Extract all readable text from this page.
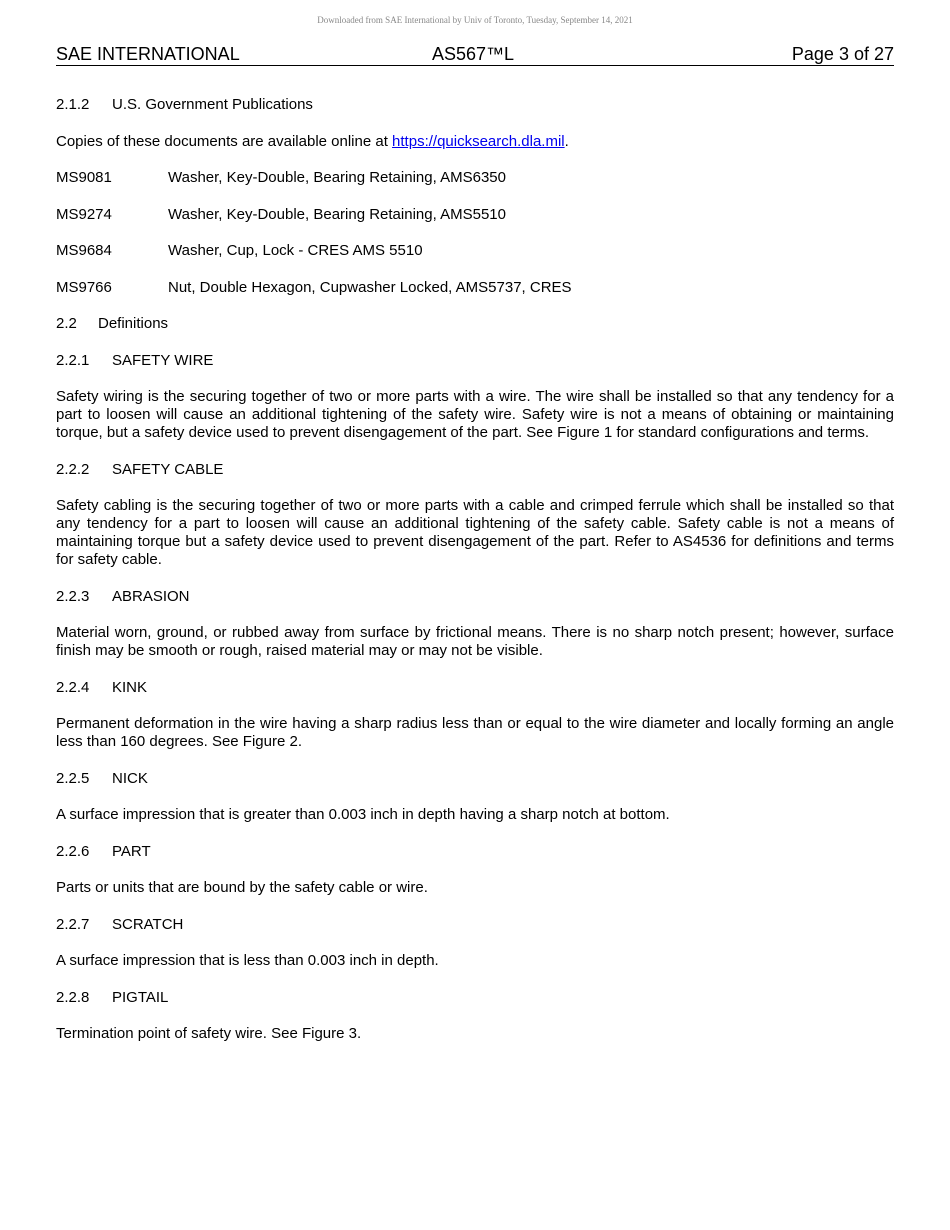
Downloaded from SAE International by Univ of Toronto, Tuesday, September 14, 2021
SAE INTERNATIONAL	AS567™L	Page 3 of 27
2.1.2 U.S. Government Publications
Copies of these documents are available online at https://quicksearch.dla.mil.
MS9081	Washer, Key-Double, Bearing Retaining, AMS6350
MS9274	Washer, Key-Double, Bearing Retaining, AMS5510
MS9684	Washer, Cup, Lock - CRES AMS 5510
MS9766	Nut, Double Hexagon, Cupwasher Locked, AMS5737, CRES
2.2 Definitions
2.2.1 SAFETY WIRE
Safety wiring is the securing together of two or more parts with a wire. The wire shall be installed so that any tendency for a part to loosen will cause an additional tightening of the safety wire. Safety wire is not a means of obtaining or maintaining torque, but a safety device used to prevent disengagement of the part. See Figure 1 for standard configurations and terms.
2.2.2 SAFETY CABLE
Safety cabling is the securing together of two or more parts with a cable and crimped ferrule which shall be installed so that any tendency for a part to loosen will cause an additional tightening of the safety cable. Safety cable is not a means of maintaining torque but a safety device used to prevent disengagement of the part. Refer to AS4536 for definitions and terms for safety cable.
2.2.3 ABRASION
Material worn, ground, or rubbed away from surface by frictional means. There is no sharp notch present; however, surface finish may be smooth or rough, raised material may or may not be visible.
2.2.4 KINK
Permanent deformation in the wire having a sharp radius less than or equal to the wire diameter and locally forming an angle less than 160 degrees. See Figure 2.
2.2.5 NICK
A surface impression that is greater than 0.003 inch in depth having a sharp notch at bottom.
2.2.6 PART
Parts or units that are bound by the safety cable or wire.
2.2.7 SCRATCH
A surface impression that is less than 0.003 inch in depth.
2.2.8 PIGTAIL
Termination point of safety wire. See Figure 3.
